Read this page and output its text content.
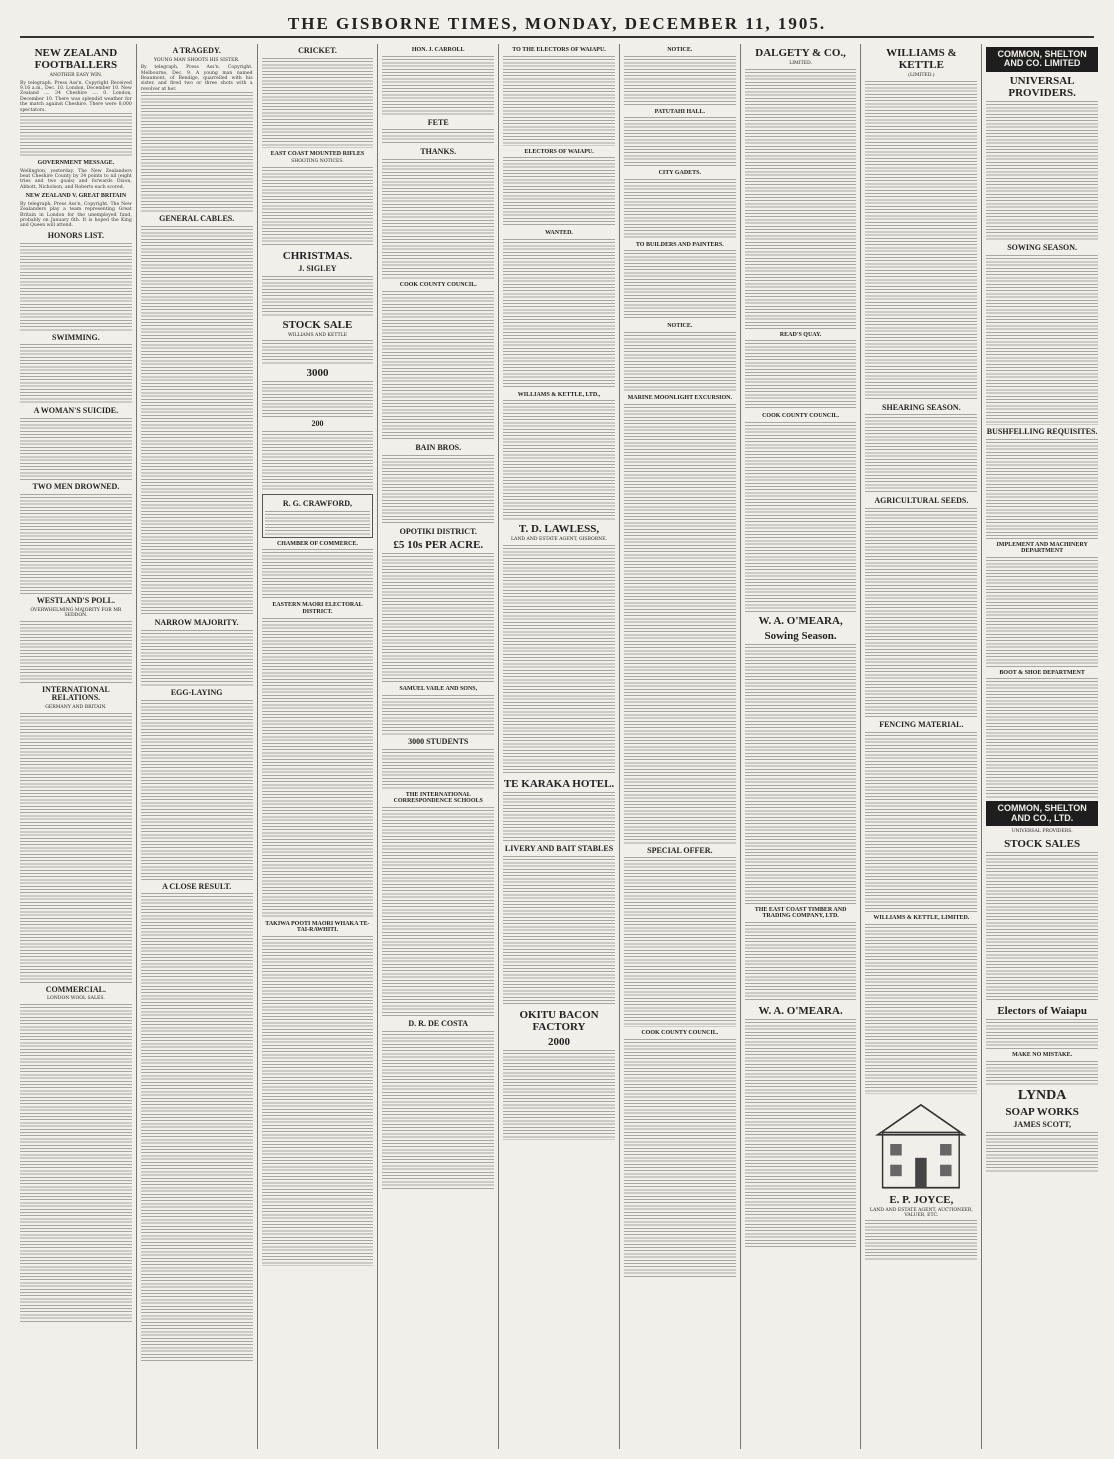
THE GISBORNE TIMES, MONDAY, DECEMBER 11, 1905.
NEW ZEALAND FOOTBALLERS
ANOTHER EASY WIN.
By telegraph. Press Ass'n. Copyright Received 9.16 a.m., Dec. 10. London, December 10. New Zealand .... 34 Cheshire .... 0. London, December 10. There was splendid weather for the match against Cheshire. There were 8,000 spectators.
GOVERNMENT MESSAGE.
Wellington, yesterday. The New Zealanders beat Cheshire County by 34 points to nil (eight tries and two goals) and forwards Dixon, Abbott, Nicholson, and Roberts each scored.
NEW ZEALAND V. GREAT BRITAIN
By telegraph, Press Ass'n, Copyright. The New Zealanders play a team representing Great Britain in London for the unemployed fund, probably on January 6th. It is hoped the King and Queen will attend.
HONORS LIST.
SWIMMING.
A WOMAN'S SUICIDE.
TWO MEN DROWNED.
WESTLAND'S POLL.
OVERWHELMING MAJORITY FOR MR SEDDON.
INTERNATIONAL RELATIONS.
GERMANY AND BRITAIN.
COMMERCIAL.
LONDON WOOL SALES.
A TRAGEDY.
YOUNG MAN SHOOTS HIS SISTER.
By telegraph, Press Ass'n. Copyright. Melbourne, Dec. 9. A young man named Beaumont, of Bendigo, quarrelled with his sister, and fired two or three shots with a revolver at her.
GENERAL CABLES.
NARROW MAJORITY.
EGG-LAYING
A CLOSE RESULT.
CRICKET.
EAST COAST MOUNTED RIFLES
SHOOTING NOTICES.
CHRISTMAS.
J. SIGLEY
STOCK SALE
WILLIAMS AND KETTLE
3000
200
R. G. CRAWFORD,
CHAMBER OF COMMERCE.
EASTERN MAORI ELECTORAL DISTRICT.
TAKIWA POOTI MAORI WHAKA TE-TAI-RAWHITI.
HON. J. CARROLL
FETE
THANKS.
COOK COUNTY COUNCIL.
BAIN BROS.
OPOTIKI DISTRICT.
£5 10s PER ACRE.
SAMUEL VAILE AND SONS,
3000 STUDENTS
THE INTERNATIONAL CORRESPONDENCE SCHOOLS
D. R. DE COSTA
TO THE ELECTORS OF WAIAPU.
ELECTORS OF WAIAPU.
WANTED.
WILLIAMS & KETTLE, LTD.,
T. D. LAWLESS,
LAND AND ESTATE AGENT, GISBORNE.
TE KARAKA HOTEL.
LIVERY AND BAIT STABLES
OKITU BACON FACTORY
2000
NOTICE.
PATUTAHI HALL.
CITY GADETS.
TO BUILDERS AND PAINTERS.
NOTICE.
MARINE MOONLIGHT EXCURSION.
SPECIAL OFFER.
COOK COUNTY COUNCIL.
DALGETY & CO.,
LIMITED.
READ'S QUAY.
COOK COUNTY COUNCIL.
W. A. O'MEARA,
Sowing Season.
THE EAST COAST TIMBER AND TRADING COMPANY, LTD.
W. A. O'MEARA.
WILLIAMS & KETTLE
(LIMITED.)
SHEARING SEASON.
AGRICULTURAL SEEDS.
FENCING MATERIAL.
WILLIAMS & KETTLE, LIMITED.
E. P. JOYCE,
LAND AND ESTATE AGENT, AUCTIONEER, VALUER, ETC.
COMMON, SHELTON AND CO. LIMITED
UNIVERSAL PROVIDERS.
SOWING SEASON.
BUSHFELLING REQUISITES.
IMPLEMENT AND MACHINERY DEPARTMENT
BOOT & SHOE DEPARTMENT
COMMON, SHELTON AND CO., LTD.
UNIVERSAL PROVIDERS.
STOCK SALES
Electors of Waiapu
MAKE NO MISTAKE.
LYNDA
SOAP WORKS
JAMES SCOTT,
